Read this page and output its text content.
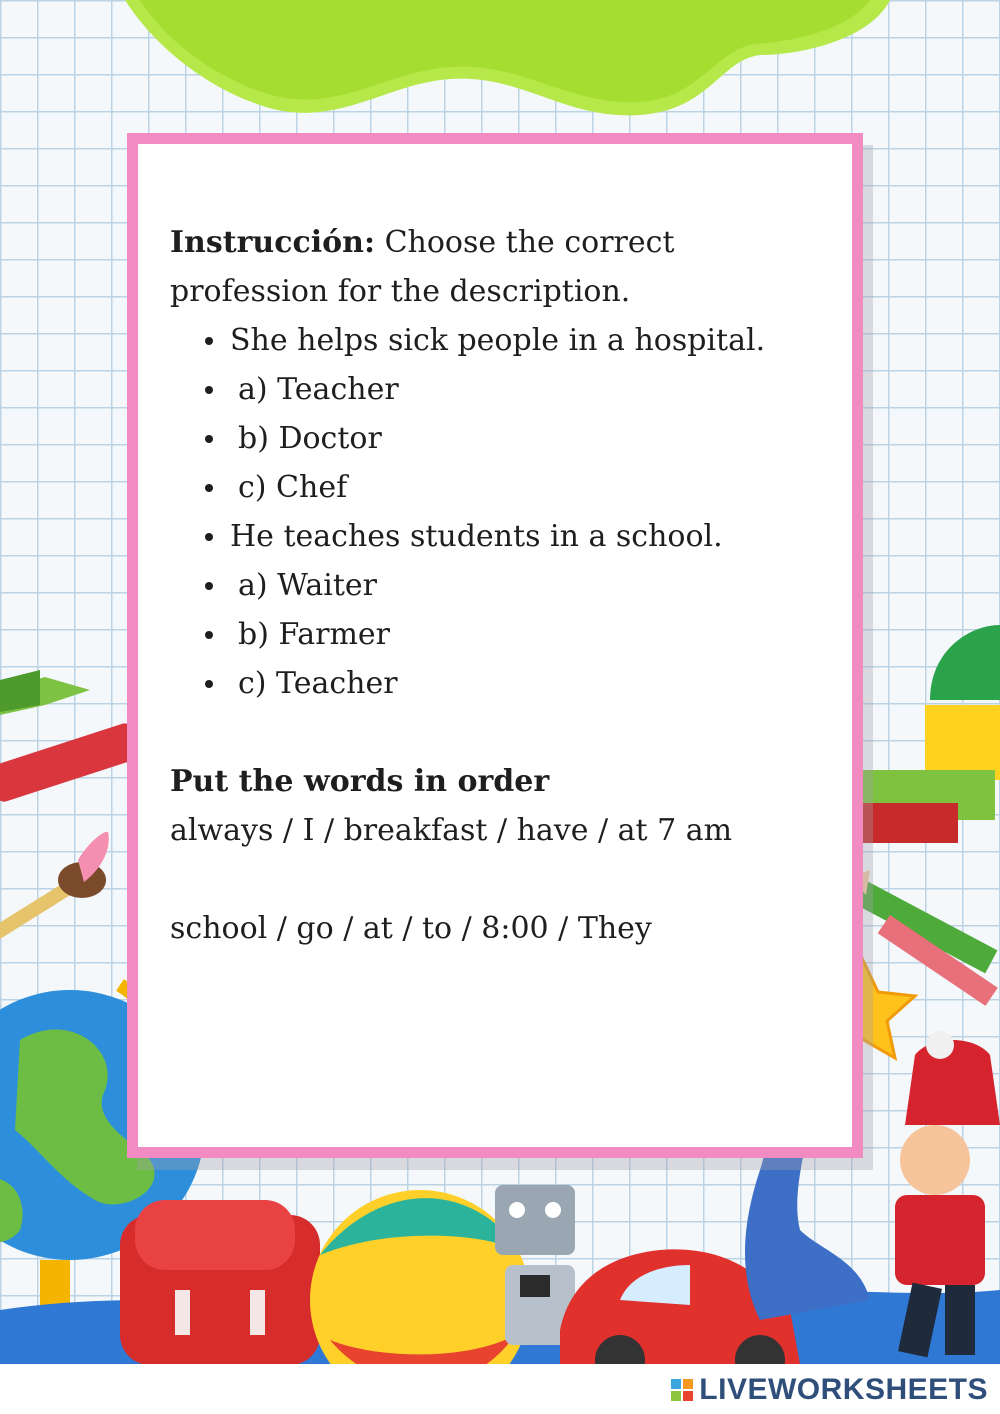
Instrucción: Choose the correct profession for the description.

She helps sick people in a hospital.
a) Teacher
b) Doctor
c) Chef
He teaches students in a school.
a) Waiter
b) Farmer
c) Teacher

Put the words in order

always / I / breakfast / have / at 7 am

school / go / at / to / 8:00 / They

LIVEWORKSHEETS
